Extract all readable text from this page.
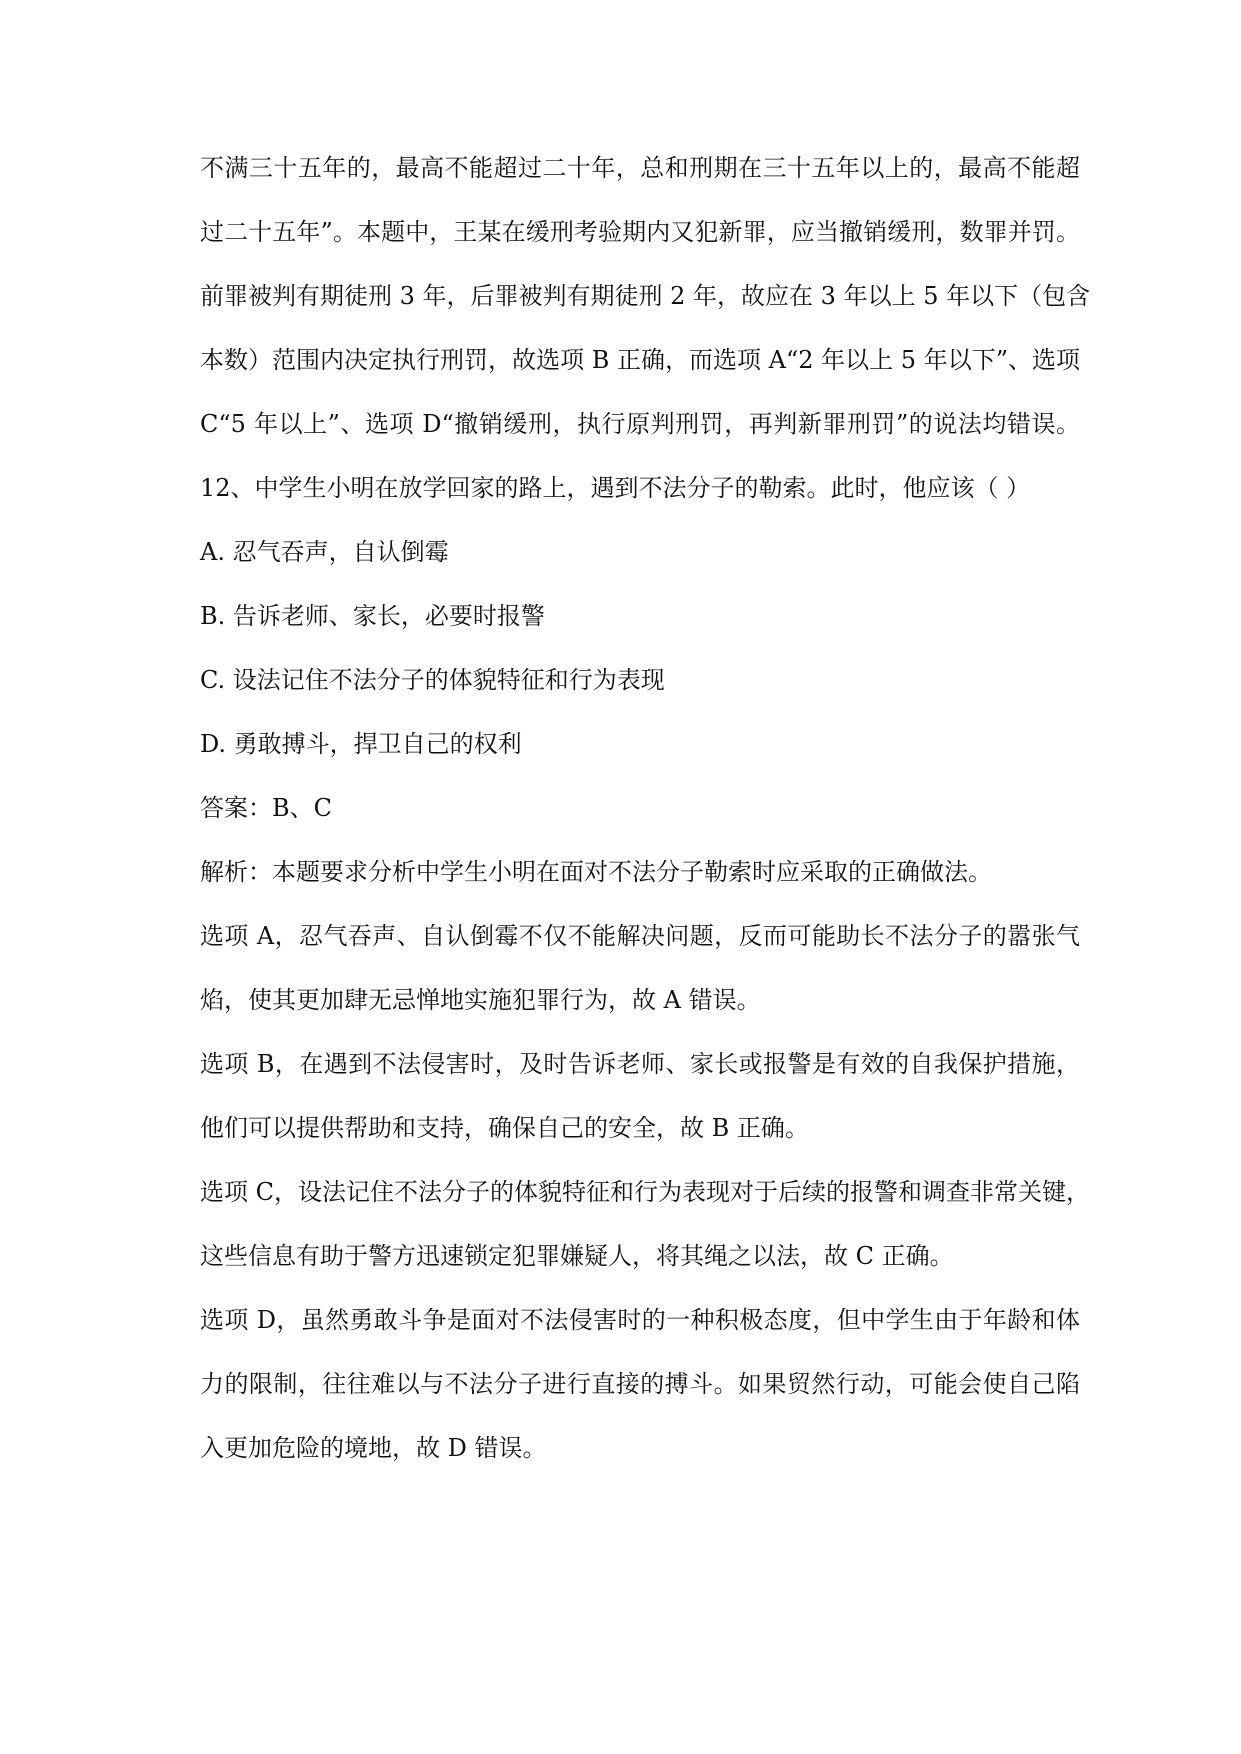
不满三十五年的，最高不能超过二十年，总和刑期在三十五年以上的，最高不能超
过二十五年”。本题中，王某在缓刑考验期内又犯新罪，应当撤销缓刑，数罪并罚。
前罪被判有期徒刑 3 年，后罪被判有期徒刑 2 年，故应在 3 年以上 5 年以下（包含
本数）范围内决定执行刑罚，故选项 B 正确，而选项 A“2 年以上 5 年以下”、选项
C“5 年以上”、选项 D“撤销缓刑，执行原判刑罚，再判新罪刑罚”的说法均错误。
12、中学生小明在放学回家的路上，遇到不法分子的勒索。此时，他应该（ ）
A. 忍气吞声，自认倒霉
B. 告诉老师、家长，必要时报警
C. 设法记住不法分子的体貌特征和行为表现
D. 勇敢搏斗，捍卫自己的权利
答案：B、C
解析：本题要求分析中学生小明在面对不法分子勒索时应采取的正确做法。
选项 A，忍气吞声、自认倒霉不仅不能解决问题，反而可能助长不法分子的嚣张气
焰，使其更加肆无忌惮地实施犯罪行为，故 A 错误。
选项 B，在遇到不法侵害时，及时告诉老师、家长或报警是有效的自我保护措施，
他们可以提供帮助和支持，确保自己的安全，故 B 正确。
选项 C，设法记住不法分子的体貌特征和行为表现对于后续的报警和调查非常关键，
这些信息有助于警方迅速锁定犯罪嫌疑人，将其绳之以法，故 C 正确。
选项 D，虽然勇敢斗争是面对不法侵害时的一种积极态度，但中学生由于年龄和体
力的限制，往往难以与不法分子进行直接的搏斗。如果贸然行动，可能会使自己陷
入更加危险的境地，故 D 错误。
